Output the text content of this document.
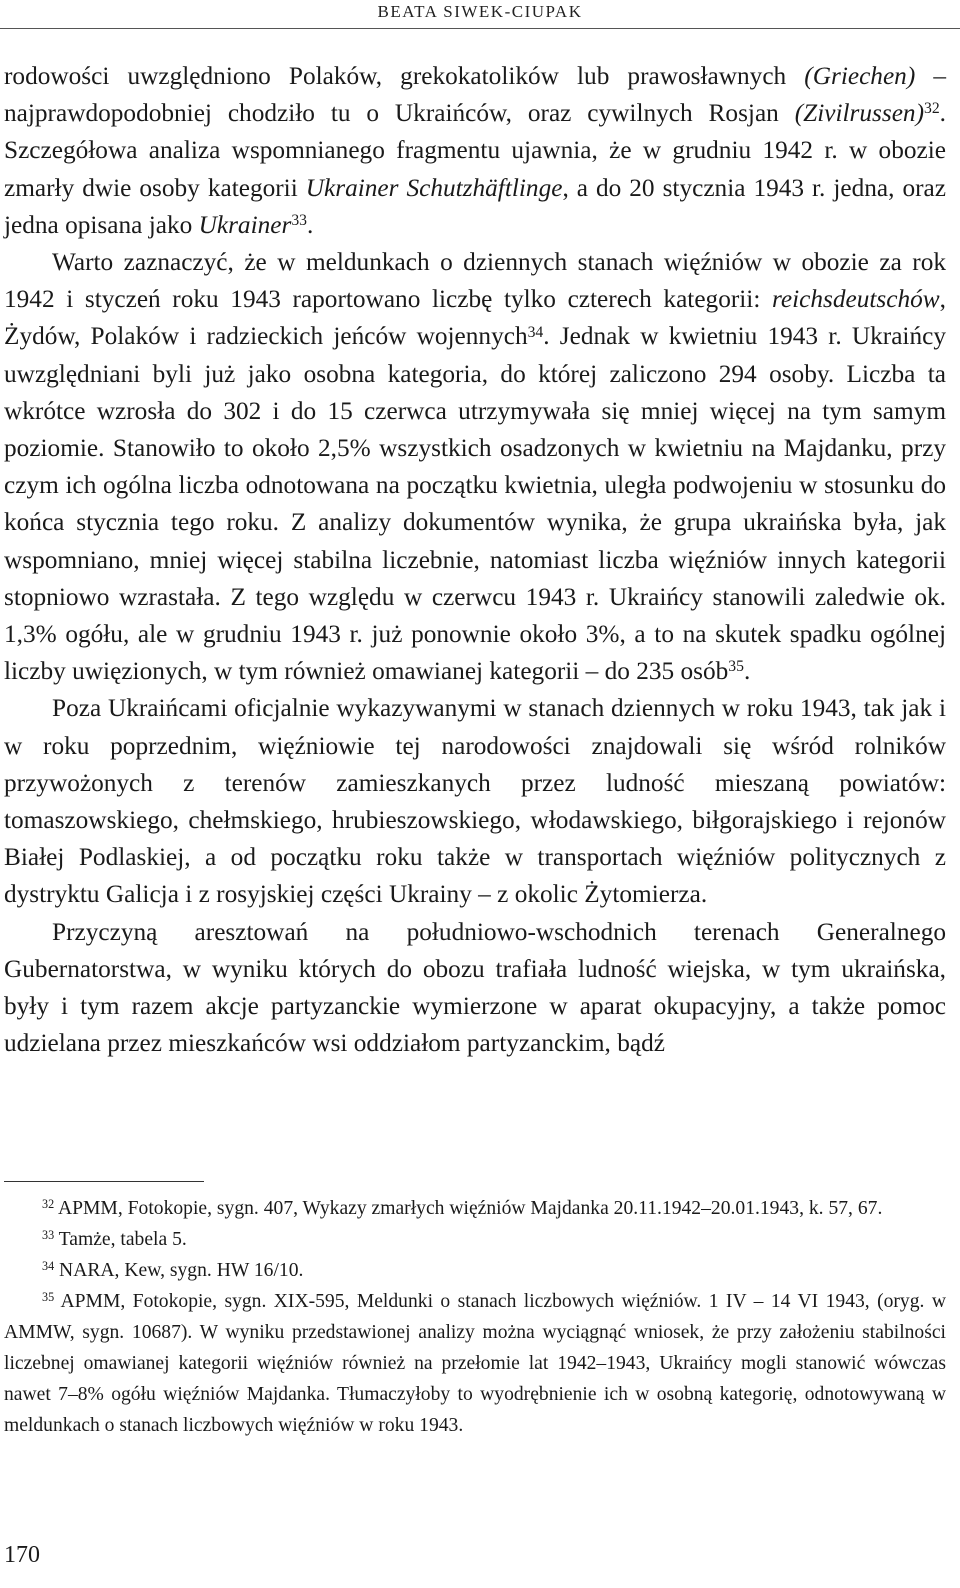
BEATA SIWEK-CIUPAK

rodowości uwzględniono Polaków, grekokatolików lub prawosławnych (Griechen) – najprawdopodobniej chodziło tu o Ukraińców, oraz cywilnych Rosjan (Zivilrussen)$^{32}$. Szczegółowa analiza wspomnianego fragmentu ujawnia, że w grudniu 1942 r. w obozie zmarły dwie osoby kategorii Ukrainer Schutzhäftlinge, a do 20 stycznia 1943 r. jedna, oraz jedna opisana jako Ukrainer$^{33}$.

Warto zaznaczyć, że w meldunkach o dziennych stanach więźniów w obozie za rok 1942 i styczeń roku 1943 raportowano liczbę tylko czterech kategorii: reichsdeutschów, Żydów, Polaków i radzieckich jeńców wojennych$^{34}$. Jednak w kwietniu 1943 r. Ukraińcy uwzględniani byli już jako osobna kategoria, do której zaliczono 294 osoby. Liczba ta wkrótce wzrosła do 302 i do 15 czerwca utrzymywała się mniej więcej na tym samym poziomie. Stanowiło to około 2,5% wszystkich osadzonych w kwietniu na Majdanku, przy czym ich ogólna liczba odnotowana na początku kwietnia, uległa podwojeniu w stosunku do końca stycznia tego roku. Z analizy dokumentów wynika, że grupa ukraińska była, jak wspomniano, mniej więcej stabilna liczebnie, natomiast liczba więźniów innych kategorii stopniowo wzrastała. Z tego względu w czerwcu 1943 r. Ukraińcy stanowili zaledwie ok. 1,3% ogółu, ale w grudniu 1943 r. już ponownie około 3%, a to na skutek spadku ogólnej liczby uwięzionych, w tym również omawianej kategorii – do 235 osób$^{35}$.

Poza Ukraińcami oficjalnie wykazywanymi w stanach dziennych w roku 1943, tak jak i w roku poprzednim, więźniowie tej narodowości znajdowali się wśród rolników przywożonych z terenów zamieszkanych przez ludność mieszaną powiatów: tomaszowskiego, chełmskiego, hrubieszowskiego, włodawskiego, biłgorajskiego i rejonów Białej Podlaskiej, a od początku roku także w transportach więźniów politycznych z dystryktu Galicja i z rosyjskiej części Ukrainy – z okolic Żytomierza.

Przyczyną aresztowań na południowo-wschodnich terenach Generalnego Gubernatorstwa, w wyniku których do obozu trafiała ludność wiejska, w tym ukraińska, były i tym razem akcje partyzanckie wymierzone w aparat okupacyjny, a także pomoc udzielana przez mieszkańców wsi oddziałom partyzanckim, bądź

$^{32}$ APMM, Fotokopie, sygn. 407, Wykazy zmarłych więźniów Majdanka 20.11.1942–20.01.1943, k. 57, 67.

$^{33}$ Tamże, tabela 5.

$^{34}$ NARA, Kew, sygn. HW 16/10.

$^{35}$ APMM, Fotokopie, sygn. XIX-595, Meldunki o stanach liczbowych więźniów. 1 IV – 14 VI 1943, (oryg. w AMMW, sygn. 10687). W wyniku przedstawionej analizy można wyciągnąć wniosek, że przy założeniu stabilności liczebnej omawianej kategorii więźniów również na przełomie lat 1942–1943, Ukraińcy mogli stanowić wówczas nawet 7–8% ogółu więźniów Majdanka. Tłumaczyłoby to wyodrębnienie ich w osobną kategorię, odnotowywaną w meldunkach o stanach liczbowych więźniów w roku 1943.

170
